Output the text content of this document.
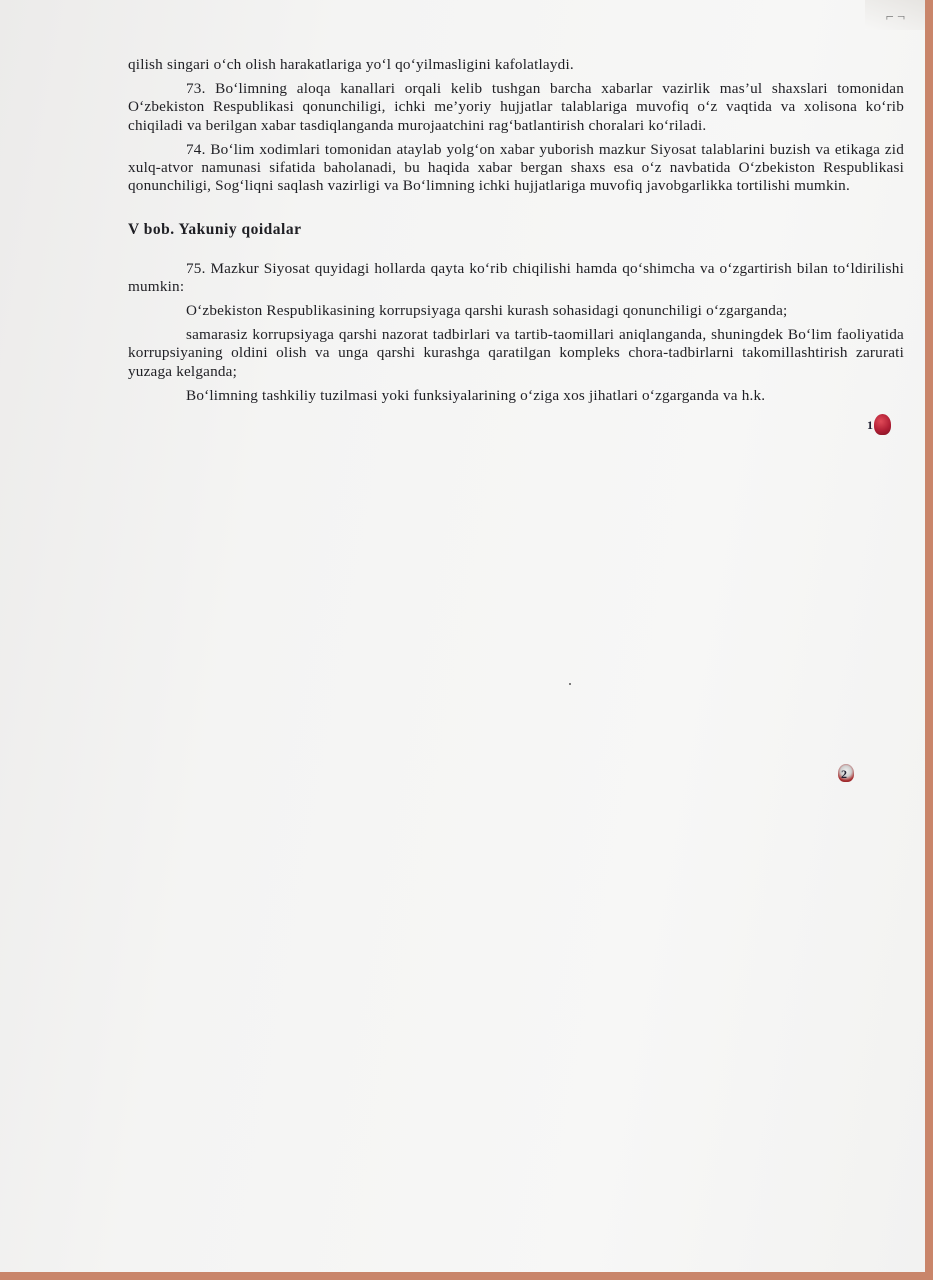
⌐ ¬

qilish singari o‘ch olish harakatlariga yo‘l qo‘yilmasligini kafolatlaydi.

73. Bo‘limning aloqa kanallari orqali kelib tushgan barcha xabarlar vazirlik mas’ul shaxslari tomonidan O‘zbekiston Respublikasi qonunchiligi, ichki me’yoriy hujjatlar talablariga muvofiq o‘z vaqtida va xolisona ko‘rib chiqiladi va berilgan xabar tasdiqlanganda murojaatchini rag‘batlantirish choralari ko‘riladi.

74. Bo‘lim xodimlari tomonidan ataylab yolg‘on xabar yuborish mazkur Siyosat talablarini buzish va etikaga zid xulq-atvor namunasi sifatida baholanadi, bu haqida xabar bergan shaxs esa o‘z navbatida O‘zbekiston Respublikasi qonunchiligi, Sog‘liqni saqlash vazirligi va Bo‘limning ichki hujjatlariga muvofiq javobgarlikka tortilishi mumkin.

V bob. Yakuniy qoidalar

75. Mazkur Siyosat quyidagi hollarda qayta ko‘rib chiqilishi hamda qo‘shimcha va o‘zgartirish bilan to‘ldirilishi mumkin:

O‘zbekiston Respublikasining korrupsiyaga qarshi kurash sohasidagi qonunchiligi o‘zgarganda;

samarasiz korrupsiyaga qarshi nazorat tadbirlari va tartib-taomillari aniqlanganda, shuningdek Bo‘lim faoliyatida korrupsiyaning oldini olish va unga qarshi kurashga qaratilgan kompleks chora-tadbirlarni takomillashtirish zarurati yuzaga kelganda;

Bo‘limning tashkiliy tuzilmasi yoki funksiyalarining o‘ziga xos jihatlari o‘zgarganda va h.k.

1
2
